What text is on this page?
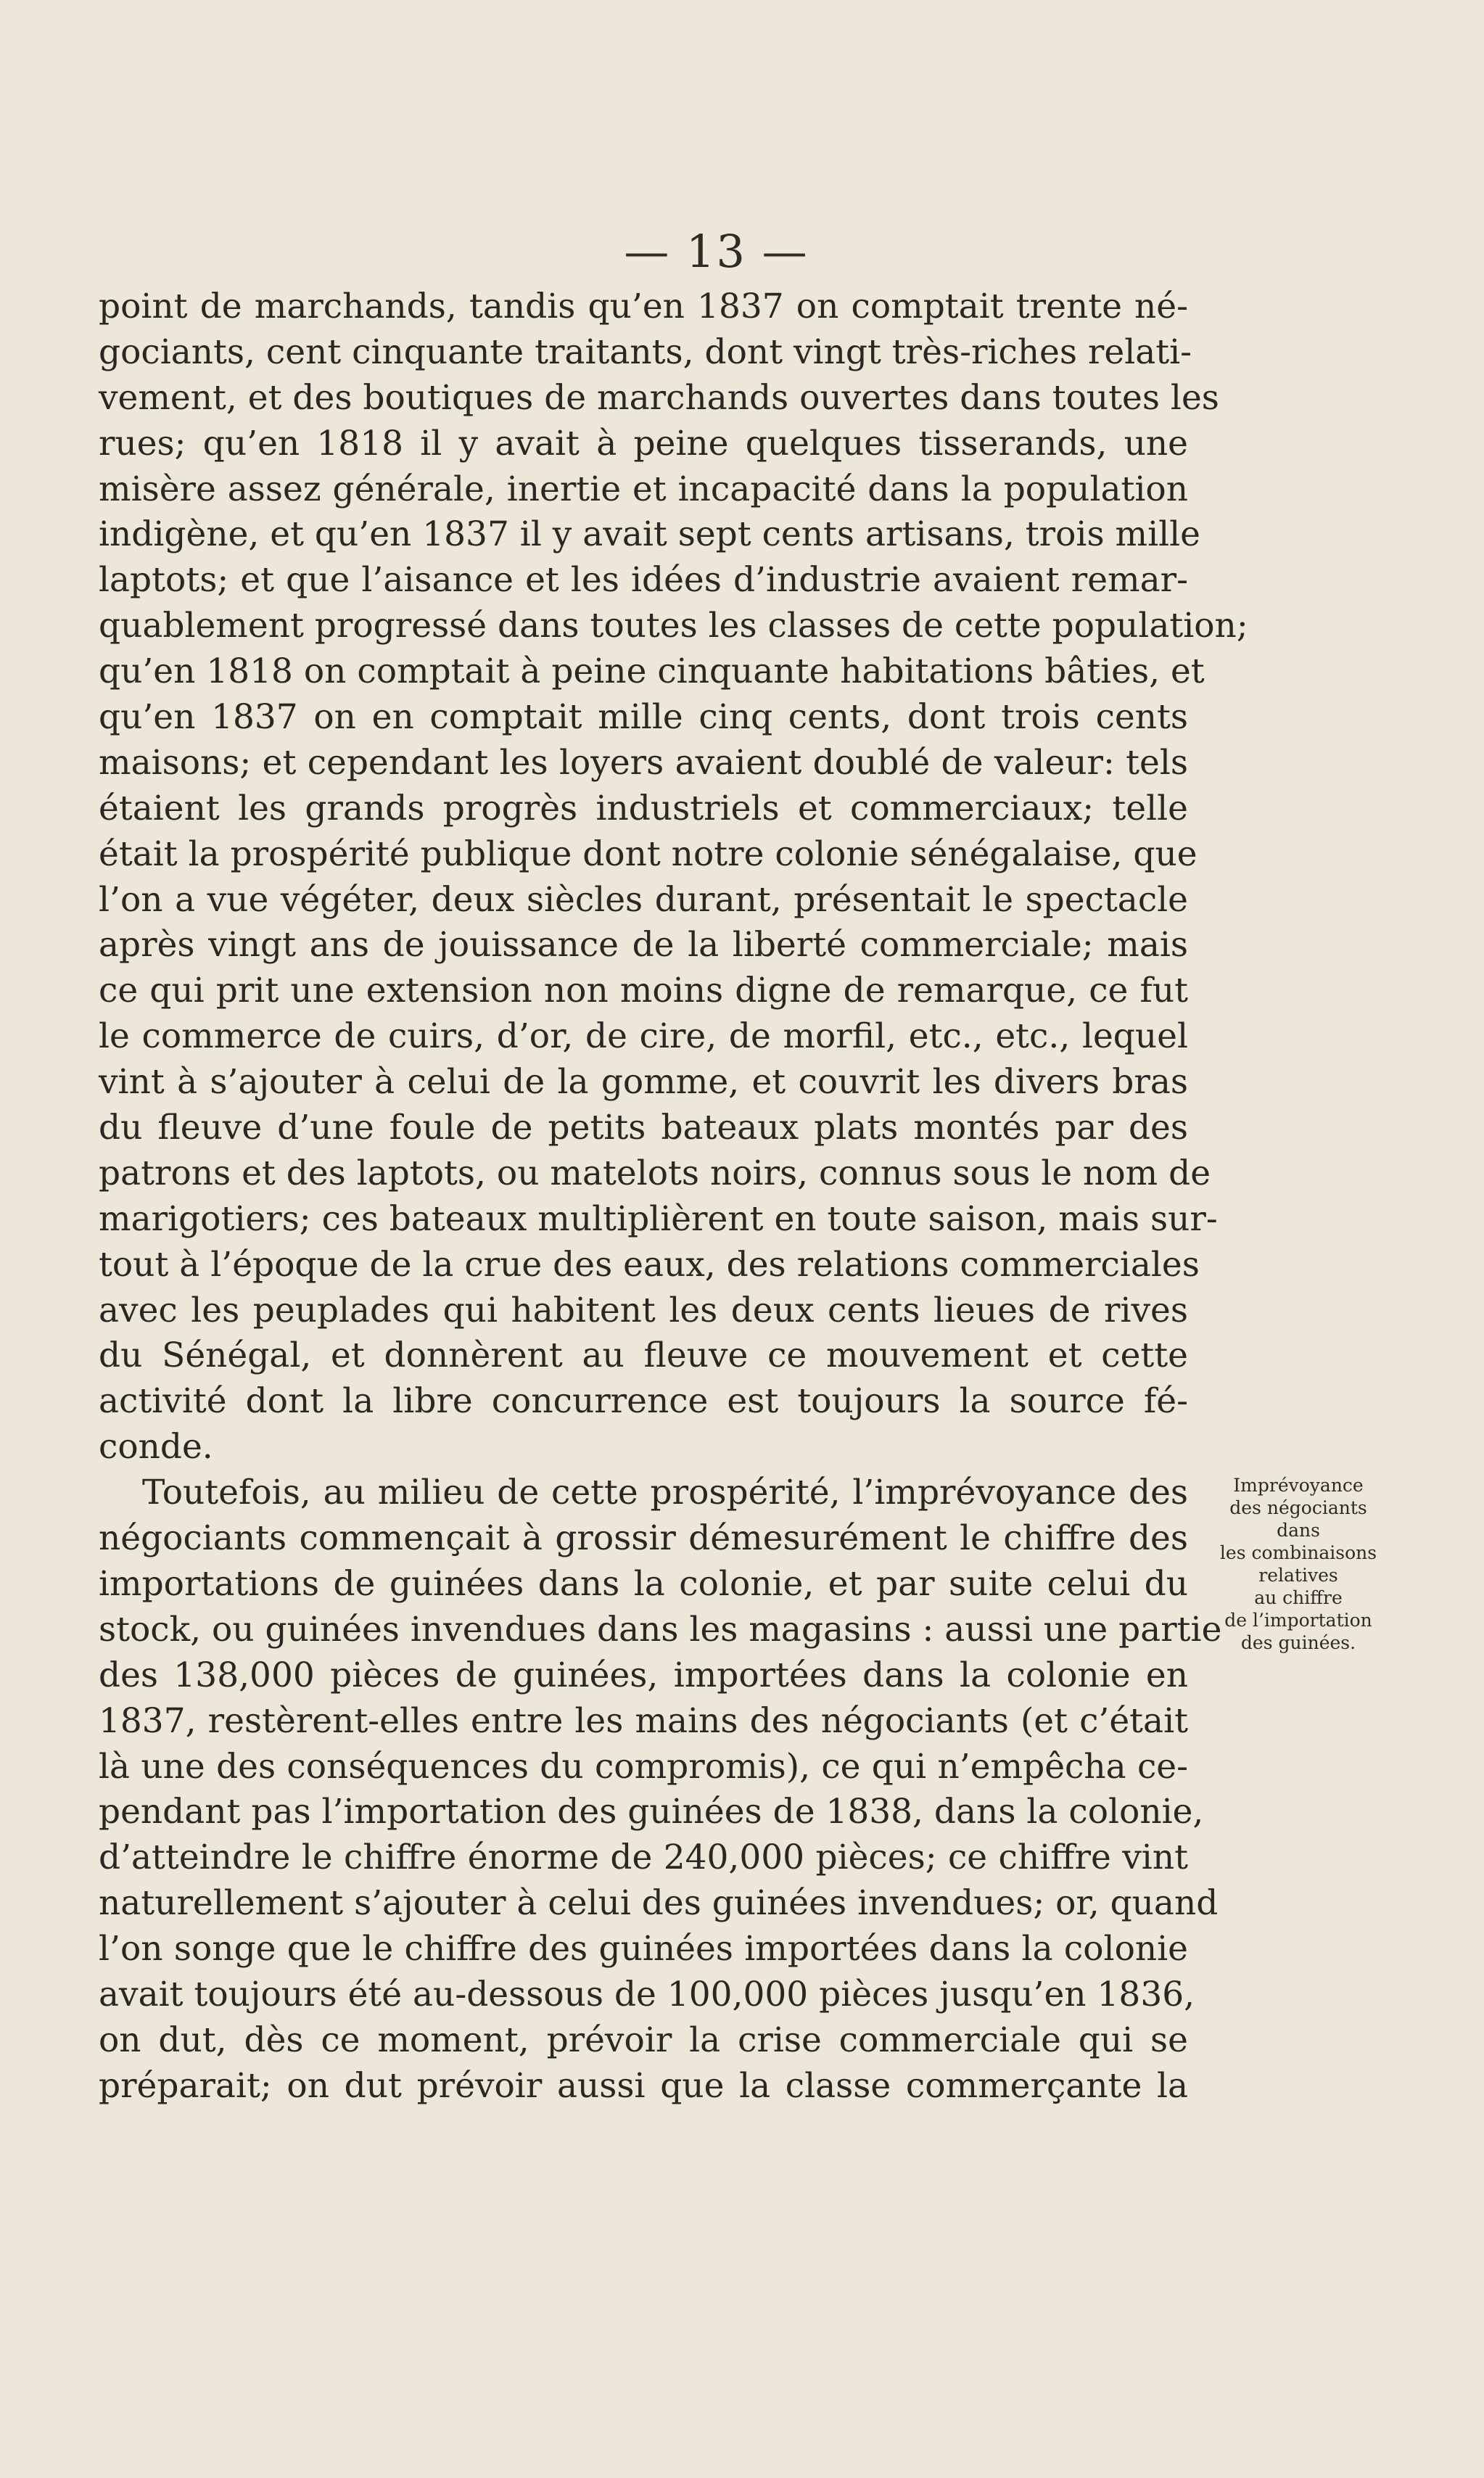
— 13 —
point de marchands, tandis qu’en 1837 on comptait trente né-
gociants, cent cinquante traitants, dont vingt très-riches relati-
vement, et des boutiques de marchands ouvertes dans toutes les
rues; qu’en 1818 il y avait à peine quelques tisserands, une
misère assez générale, inertie et incapacité dans la population
indigène, et qu’en 1837 il y avait sept cents artisans, trois mille
laptots; et que l’aisance et les idées d’industrie avaient remar-
quablement progressé dans toutes les classes de cette population;
qu’en 1818 on comptait à peine cinquante habitations bâties, et
qu’en 1837 on en comptait mille cinq cents, dont trois cents
maisons; et cependant les loyers avaient doublé de valeur: tels
étaient les grands progrès industriels et commerciaux; telle
était la prospérité publique dont notre colonie sénégalaise, que
l’on a vue végéter, deux siècles durant, présentait le spectacle
après vingt ans de jouissance de la liberté commerciale; mais
ce qui prit une extension non moins digne de remarque, ce fut
le commerce de cuirs, d’or, de cire, de morfil, etc., etc., lequel
vint à s’ajouter à celui de la gomme, et couvrit les divers bras
du fleuve d’une foule de petits bateaux plats montés par des
patrons et des laptots, ou matelots noirs, connus sous le nom de
marigotiers; ces bateaux multiplièrent en toute saison, mais sur-
tout à l’époque de la crue des eaux, des relations commerciales
avec les peuplades qui habitent les deux cents lieues de rives
du Sénégal, et donnèrent au fleuve ce mouvement et cette
activité dont la libre concurrence est toujours la source fé-
conde.
Toutefois, au milieu de cette prospérité, l’imprévoyance des
négociants commençait à grossir démesurément le chiffre des
importations de guinées dans la colonie, et par suite celui du
stock, ou guinées invendues dans les magasins : aussi une partie
des 138,000 pièces de guinées, importées dans la colonie en
1837, restèrent-elles entre les mains des négociants (et c’était
là une des conséquences du compromis), ce qui n’empêcha ce-
pendant pas l’importation des guinées de 1838, dans la colonie,
d’atteindre le chiffre énorme de 240,000 pièces; ce chiffre vint
naturellement s’ajouter à celui des guinées invendues; or, quand
l’on songe que le chiffre des guinées importées dans la colonie
avait toujours été au-dessous de 100,000 pièces jusqu’en 1836,
on dut, dès ce moment, prévoir la crise commerciale qui se
préparait; on dut prévoir aussi que la classe commerçante la
Imprévoyance
des négociants
dans
les combinaisons
relatives
au chiffre
de l’importation
des guinées.
